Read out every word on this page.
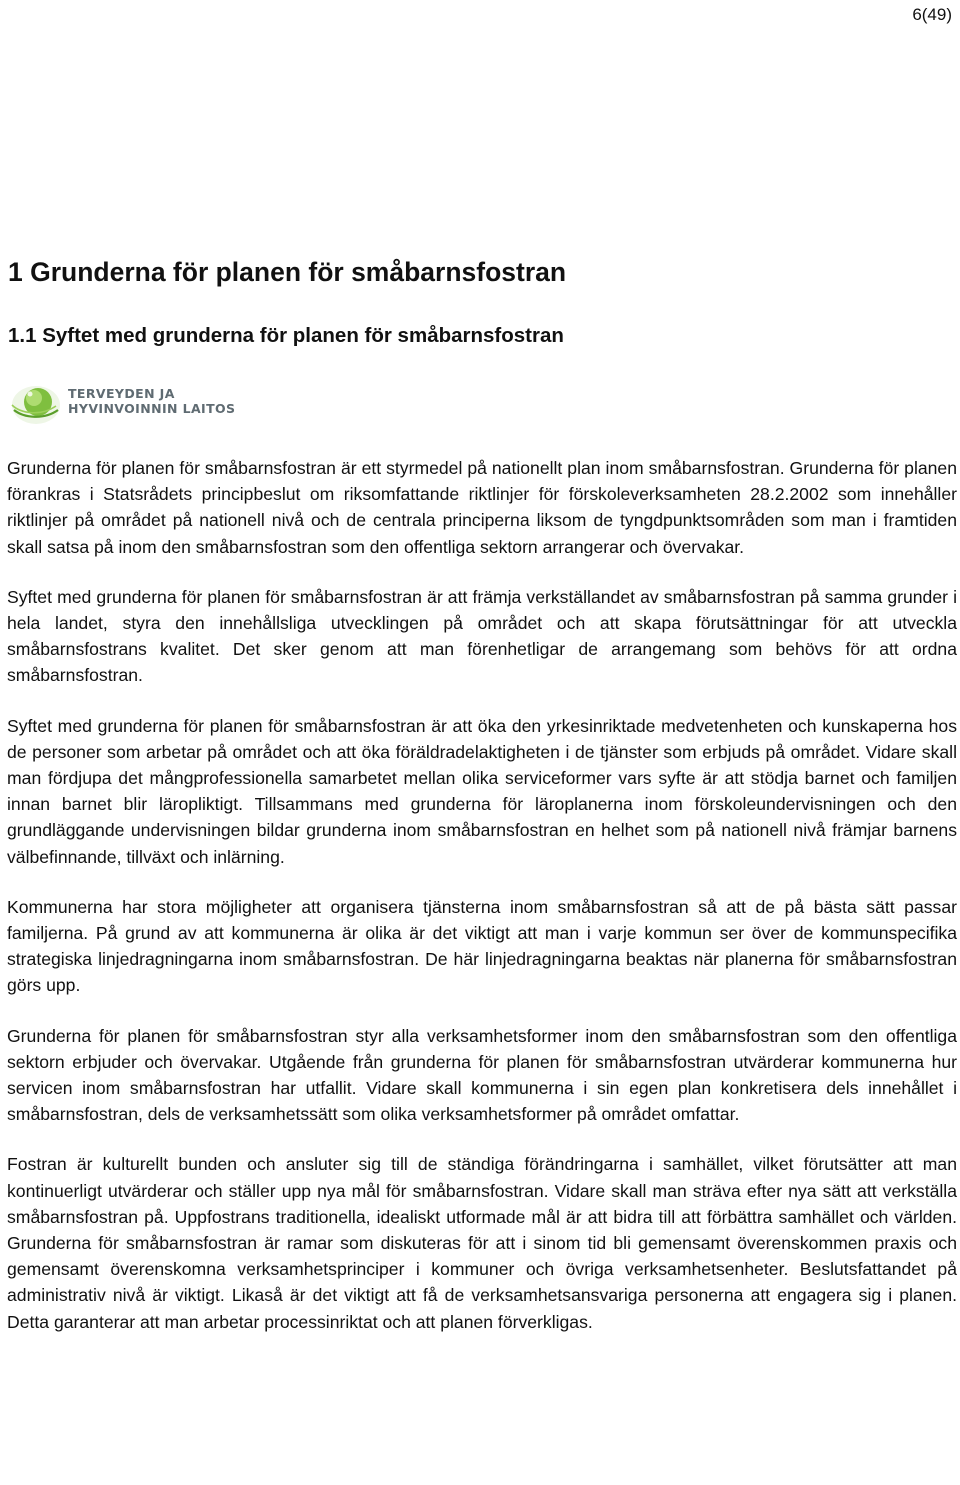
6(49)
1 Grunderna för planen för småbarnsfostran
1.1 Syftet med grunderna för planen för småbarnsfostran
TERVEYDEN JA
HYVINVOINNIN LAITOS

Grunderna för planen för småbarnsfostran är ett styrmedel på nationellt plan inom småbarnsfostran. Grunderna för planen förankras i Statsrådets principbeslut om riksomfattande riktlinjer för förskoleverksamheten 28.2.2002 som innehåller riktlinjer på området på nationell nivå och de centrala principerna liksom de tyngdpunktsområden som man i framtiden skall satsa på inom den småbarnsfostran som den offentliga sektorn arrangerar och övervakar.

Syftet med grunderna för planen för småbarnsfostran är att främja verkställandet av småbarnsfostran på samma grunder i hela landet, styra den innehållsliga utvecklingen på området och att skapa förutsättningar för att utveckla småbarnsfostrans kvalitet. Det sker genom att man förenhetligar de arrangemang som behövs för att ordna småbarnsfostran.

Syftet med grunderna för planen för småbarnsfostran är att öka den yrkesinriktade medvetenheten och kunskaperna hos de personer som arbetar på området och att öka föräldradelaktigheten i de tjänster som erbjuds på området. Vidare skall man fördjupa det mångprofessionella samarbetet mellan olika serviceformer vars syfte är att stödja barnet och familjen innan barnet blir läropliktigt. Tillsammans med grunderna för läroplanerna inom förskoleundervisningen och den grundläggande undervisningen bildar grunderna inom småbarnsfostran en helhet som på nationell nivå främjar barnens välbefinnande, tillväxt och inlärning.

Kommunerna har stora möjligheter att organisera tjänsterna inom småbarnsfostran så att de på bästa sätt passar familjerna. På grund av att kommunerna är olika är det viktigt att man i varje kommun ser över de kommunspecifika strategiska linjedragningarna inom småbarnsfostran. De här linjedragningarna beaktas när planerna för småbarnsfostran görs upp.

Grunderna för planen för småbarnsfostran styr alla verksamhetsformer inom den småbarnsfostran som den offentliga sektorn erbjuder och övervakar. Utgående från grunderna för planen för småbarnsfostran utvärderar kommunerna hur servicen inom småbarnsfostran har utfallit. Vidare skall kommunerna i sin egen plan konkretisera dels innehållet i småbarnsfostran, dels de verksamhetssätt som olika verksamhetsformer på området omfattar.

Fostran är kulturellt bunden och ansluter sig till de ständiga förändringarna i samhället, vilket förutsätter att man kontinuerligt utvärderar och ställer upp nya mål för småbarnsfostran. Vidare skall man sträva efter nya sätt att verkställa småbarnsfostran på. Uppfostrans traditionella, idealiskt utformade mål är att bidra till att förbättra samhället och världen. Grunderna för småbarnsfostran är ramar som diskuteras för att i sinom tid bli gemensamt överenskommen praxis och gemensamt överenskomna verksamhetsprinciper i kommuner och övriga verksamhetsenheter. Beslutsfattandet på administrativ nivå är viktigt. Likaså är det viktigt att få de verksamhetsansvariga personerna att engagera sig i planen. Detta garanterar att man arbetar processinriktat och att planen förverkligas.
